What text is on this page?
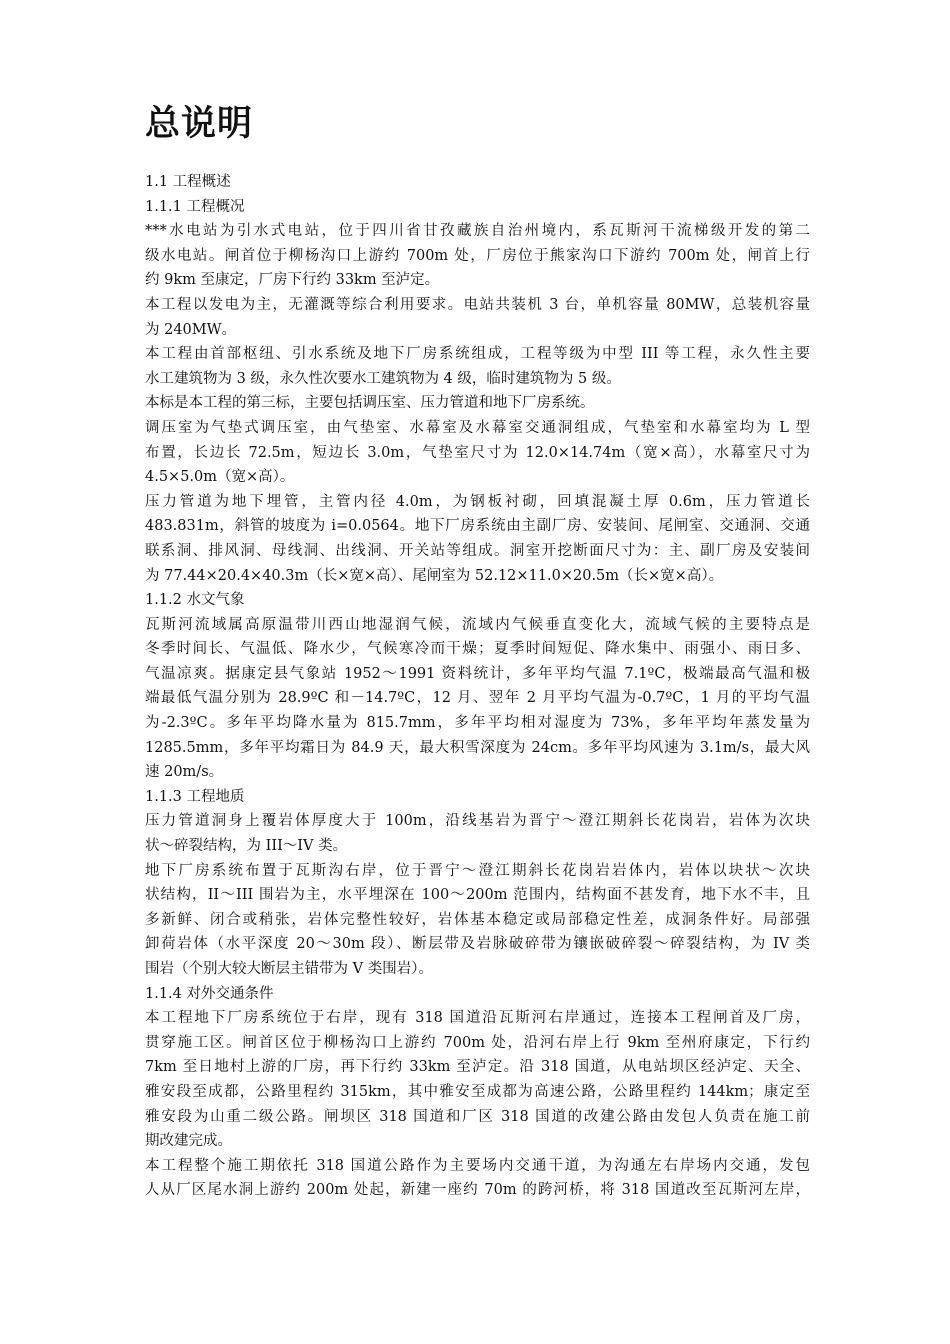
总说明

1.1 工程概述

1.1.1 工程概况

***水电站为引水式电站，位于四川省甘孜藏族自治州境内，系瓦斯河干流梯级开发的第二

级水电站。闸首位于柳杨沟口上游约 700m 处，厂房位于熊家沟口下游约 700m 处，闸首上行

约 9km 至康定，厂房下行约 33km 至泸定。

本工程以发电为主，无灌溉等综合利用要求。电站共装机 3 台，单机容量 80MW，总装机容量

为 240MW。

本工程由首部枢纽、引水系统及地下厂房系统组成，工程等级为中型 III 等工程，永久性主要

水工建筑物为 3 级，永久性次要水工建筑物为 4 级，临时建筑物为 5 级。

本标是本工程的第三标，主要包括调压室、压力管道和地下厂房系统。

调压室为气垫式调压室，由气垫室、水幕室及水幕室交通洞组成，气垫室和水幕室均为 L 型

布置，长边长 72.5m，短边长 3.0m，气垫室尺寸为 12.0×14.74m（宽×高），水幕室尺寸为

4.5×5.0m（宽×高）。

压力管道为地下埋管，主管内径 4.0m，为钢板衬砌，回填混凝土厚 0.6m，压力管道长

483.831m，斜管的坡度为 i=0.0564。地下厂房系统由主副厂房、安装间、尾闸室、交通洞、交通

联系洞、排风洞、母线洞、出线洞、开关站等组成。洞室开挖断面尺寸为：主、副厂房及安装间

为 77.44×20.4×40.3m（长×宽×高）、尾闸室为 52.12×11.0×20.5m（长×宽×高）。

1.1.2 水文气象

瓦斯河流域属高原温带川西山地湿润气候，流域内气候垂直变化大，流域气候的主要特点是

冬季时间长、气温低、降水少，气候寒冷而干燥；夏季时间短促、降水集中、雨强小、雨日多、

气温凉爽。据康定县气象站 1952～1991 资料统计，多年平均气温 7.1ºC，极端最高气温和极

端最低气温分别为 28.9ºC 和－14.7ºC，12 月、翌年 2 月平均气温为-0.7ºC，1 月的平均气温

为-2.3ºC。多年平均降水量为 815.7mm，多年平均相对湿度为 73%，多年平均年蒸发量为

1285.5mm，多年平均霜日为 84.9 天，最大积雪深度为 24cm。多年平均风速为 3.1m/s，最大风

速 20m/s。

1.1.3 工程地质

压力管道洞身上覆岩体厚度大于 100m，沿线基岩为晋宁～澄江期斜长花岗岩，岩体为次块

状～碎裂结构，为 III～IV 类。

地下厂房系统布置于瓦斯沟右岸，位于晋宁～澄江期斜长花岗岩岩体内，岩体以块状～次块

状结构，II～III 围岩为主，水平埋深在 100～200m 范围内，结构面不甚发育，地下水不丰，且

多新鲜、闭合或稍张，岩体完整性较好，岩体基本稳定或局部稳定性差，成洞条件好。局部强

卸荷岩体（水平深度 20～30m 段）、断层带及岩脉破碎带为镶嵌破碎裂～碎裂结构，为 IV 类

围岩（个别大较大断层主错带为 V 类围岩）。

1.1.4 对外交通条件

本工程地下厂房系统位于右岸，现有 318 国道沿瓦斯河右岸通过，连接本工程闸首及厂房，

贯穿施工区。闸首区位于柳杨沟口上游约 700m 处，沿河右岸上行 9km 至州府康定，下行约

7km 至日地村上游的厂房，再下行约 33km 至泸定。沿 318 国道，从电站坝区经泸定、天全、

雅安段至成都，公路里程约 315km，其中雅安至成都为高速公路，公路里程约 144km；康定至

雅安段为山重二级公路。闸坝区 318 国道和厂区 318 国道的改建公路由发包人负责在施工前

期改建完成。

本工程整个施工期依托 318 国道公路作为主要场内交通干道，为沟通左右岸场内交通，发包

人从厂区尾水洞上游约 200m 处起，新建一座约 70m 的跨河桥，将 318 国道改至瓦斯河左岸，
